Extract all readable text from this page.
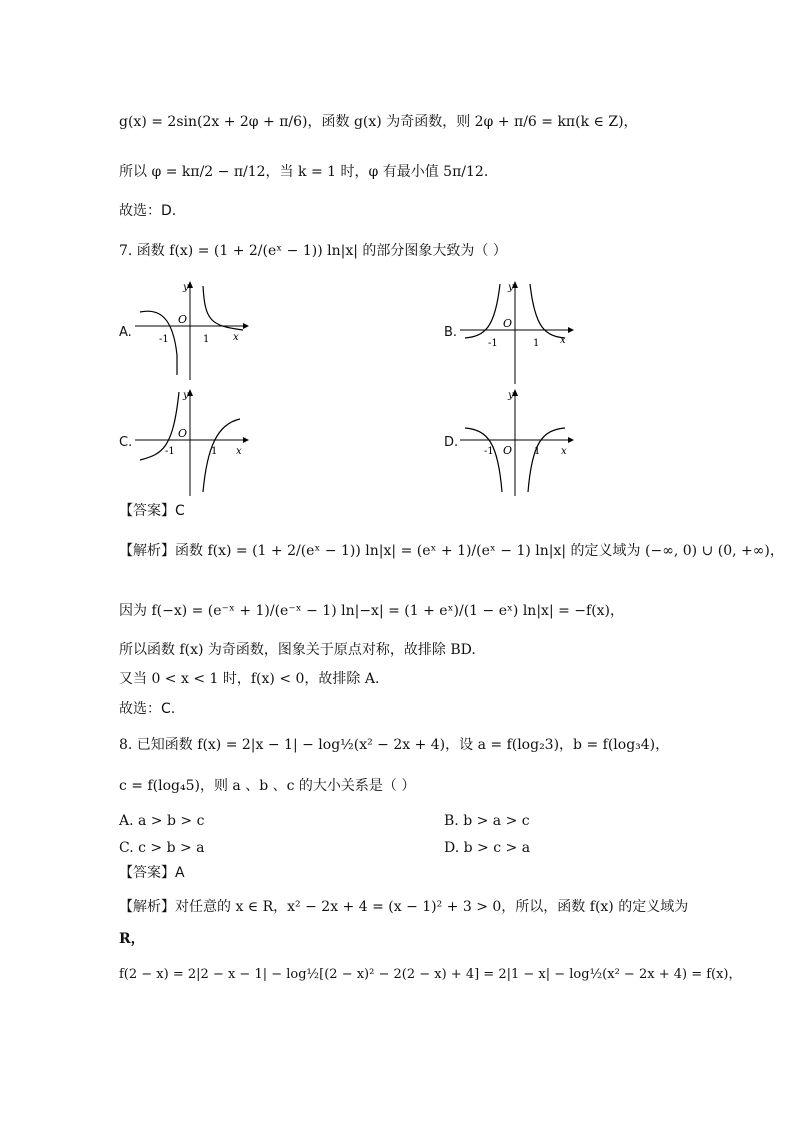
g(x) = 2sin(2x + 2φ + π/6)，函数 g(x) 为奇函数，则 2φ + π/6 = kπ(k ∈ Z)，
所以 φ = kπ/2 − π/12，当 k = 1 时，φ 有最小值 5π/12.
故选：D.
7. 函数 f(x) = (1 + 2/(eˣ − 1)) ln|x| 的部分图象大致为（ ）
A.
y
O
-1	1 x	B.
y
O
-1	1 x
C.
y
O
-1	1 x
D.
y
O
-1	1 x
【答案】C
【解析】函数 f(x) = (1 + 2/(eˣ − 1)) ln|x| = (eˣ + 1)/(eˣ − 1) ln|x| 的定义域为 (−∞, 0) ∪ (0, +∞)，
因为 f(−x) = (e⁻ˣ + 1)/(e⁻ˣ − 1) ln|−x| = (1 + eˣ)/(1 − eˣ) ln|x| = −f(x)，
所以函数 f(x) 为奇函数，图象关于原点对称，故排除 BD.
又当 0 < x < 1 时，f(x) < 0，故排除 A.
故选：C.
8. 已知函数 f(x) = 2|x − 1| − log½(x² − 2x + 4)，设 a = f(log₂3)，b = f(log₃4)，
c = f(log₄5)，则 a 、b 、c 的大小关系是（ ）
A. a > b > c	B. b > a > c
C. c > b > a	D. b > c > a
【答案】A
【解析】对任意的 x ∈ R，x² − 2x + 4 = (x − 1)² + 3 > 0，所以，函数 f(x) 的定义域为
R，
f(2 − x) = 2|2 − x − 1| − log½[(2 − x)² − 2(2 − x) + 4] = 2|1 − x| − log½(x² − 2x + 4) = f(x)，
